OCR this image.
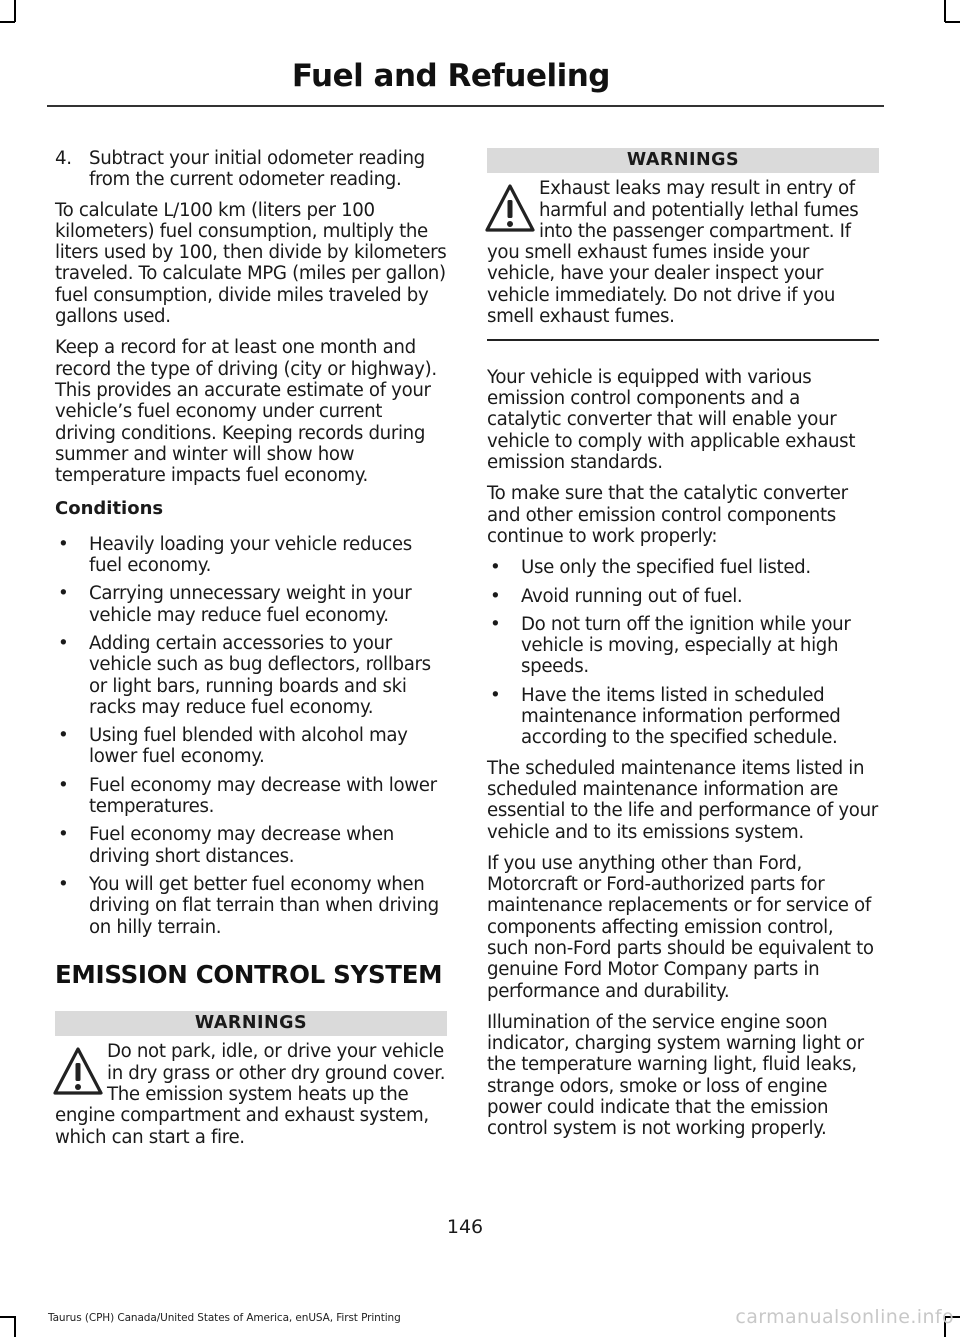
Fuel and Refueling
4. Subtract your initial odometer reading from the current odometer reading.

To calculate L/100 km (liters per 100 kilometers) fuel consumption, multiply the liters used by 100, then divide by kilometers traveled. To calculate MPG (miles per gallon) fuel consumption, divide miles traveled by gallons used.

Keep a record for at least one month and record the type of driving (city or highway). This provides an accurate estimate of your vehicle’s fuel economy under current driving conditions. Keeping records during summer and winter will show how temperature impacts fuel economy.

Conditions
•	Heavily loading your vehicle reduces fuel economy.
•	Carrying unnecessary weight in your vehicle may reduce fuel economy.
•	Adding certain accessories to your vehicle such as bug deflectors, rollbars or light bars, running boards and ski racks may reduce fuel economy.
•	Using fuel blended with alcohol may lower fuel economy.
•	Fuel economy may decrease with lower temperatures.
•	Fuel economy may decrease when driving short distances.
•	You will get better fuel economy when driving on flat terrain than when driving on hilly terrain.
EMISSION CONTROL SYSTEM
WARNINGS
Do not park, idle, or drive your vehicle in dry grass or other dry ground cover. The emission system heats up the engine compartment and exhaust system, which can start a fire.
WARNINGS
Exhaust leaks may result in entry of harmful and potentially lethal fumes into the passenger compartment. If you smell exhaust fumes inside your vehicle, have your dealer inspect your vehicle immediately. Do not drive if you smell exhaust fumes.

Your vehicle is equipped with various emission control components and a catalytic converter that will enable your vehicle to comply with applicable exhaust emission standards.

To make sure that the catalytic converter and other emission control components continue to work properly:

•	Use only the specified fuel listed.
•	Avoid running out of fuel.
•	Do not turn off the ignition while your vehicle is moving, especially at high speeds.
•	Have the items listed in scheduled maintenance information performed according to the specified schedule.

The scheduled maintenance items listed in scheduled maintenance information are essential to the life and performance of your vehicle and to its emissions system.

If you use anything other than Ford, Motorcraft or Ford-authorized parts for maintenance replacements or for service of components affecting emission control, such non-Ford parts should be equivalent to genuine Ford Motor Company parts in performance and durability.

Illumination of the service engine soon indicator, charging system warning light or the temperature warning light, fluid leaks, strange odors, smoke or loss of engine power could indicate that the emission control system is not working properly.

146
Taurus (CPH) Canada/United States of America, enUSA, First Printing	carmanualsonline.info
